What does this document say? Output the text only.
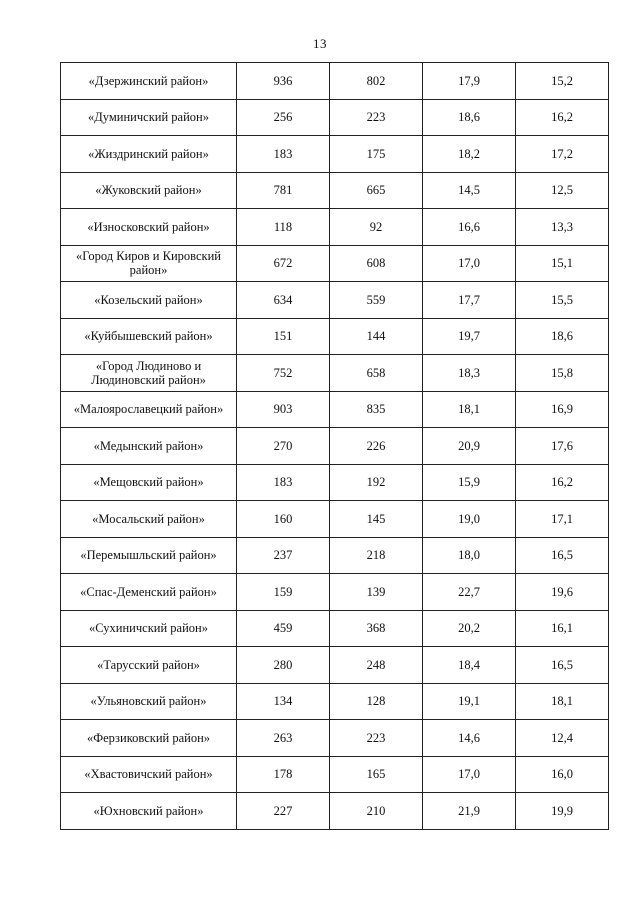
13
«Дзержинский район»	936	802	17,9	15,2
«Думиничский район»	256	223	18,6	16,2
«Жиздринский район»	183	175	18,2	17,2
«Жуковский район»	781	665	14,5	12,5
«Износковский район»	118	92	16,6	13,3
«Город Киров и Кировский район»	672	608	17,0	15,1
«Козельский район»	634	559	17,7	15,5
«Куйбышевский район»	151	144	19,7	18,6
«Город Людиново и Людиновский район»	752	658	18,3	15,8
«Малоярославецкий район»	903	835	18,1	16,9
«Медынский район»	270	226	20,9	17,6
«Мещовский район»	183	192	15,9	16,2
«Мосальский район»	160	145	19,0	17,1
«Перемышльский район»	237	218	18,0	16,5
«Спас-Деменский район»	159	139	22,7	19,6
«Сухиничский район»	459	368	20,2	16,1
«Тарусский район»	280	248	18,4	16,5
«Ульяновский район»	134	128	19,1	18,1
«Ферзиковский район»	263	223	14,6	12,4
«Хвастовичский район»	178	165	17,0	16,0
«Юхновский район»	227	210	21,9	19,9
